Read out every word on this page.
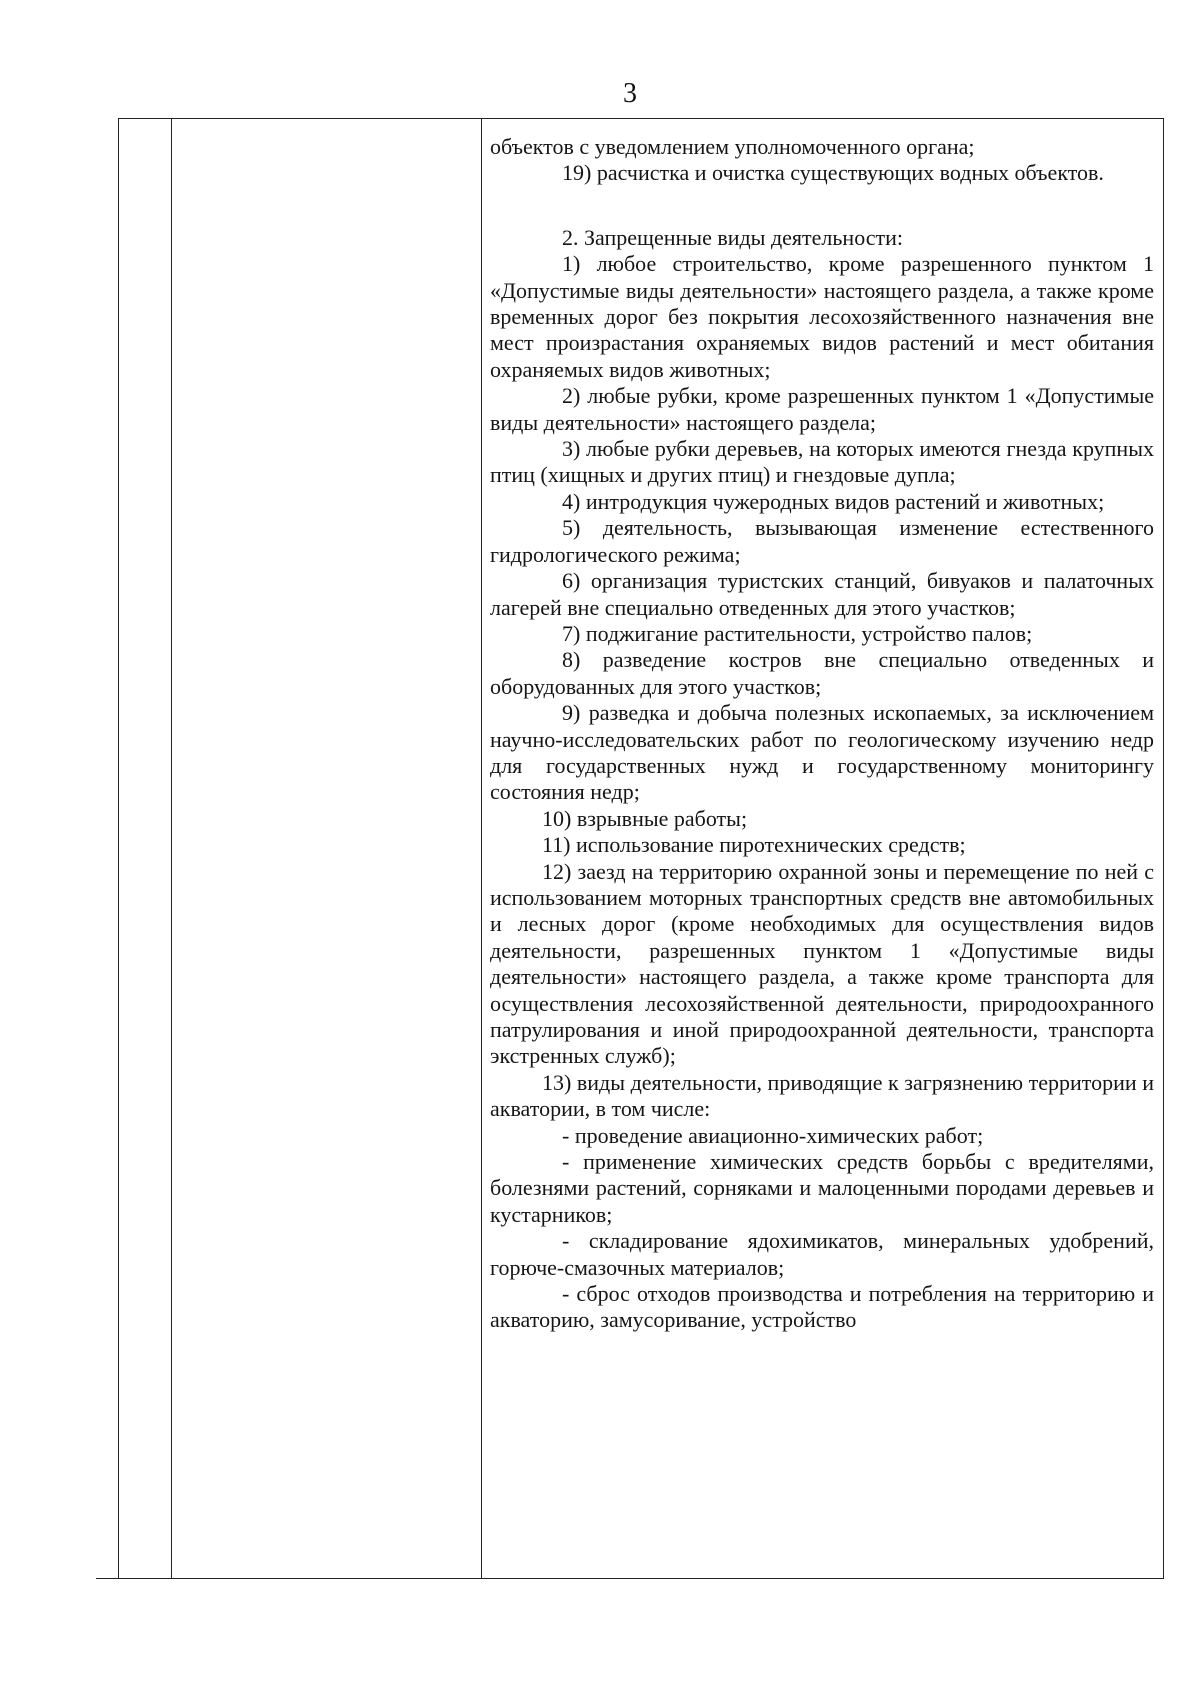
3

объектов с уведомлением уполномоченного органа;

19) расчистка и очистка существующих водных объектов.

2. Запрещенные виды деятельности:

1) любое строительство, кроме разрешенного пунктом 1 «Допустимые виды деятельности» настоящего раздела, а также кроме временных дорог без покрытия лесохозяйственного назначения вне мест произрастания охраняемых видов растений и мест обитания охраняемых видов животных;

2) любые рубки, кроме разрешенных пунктом 1 «Допустимые виды деятельности» настоящего раздела;

3) любые рубки деревьев, на которых имеются гнезда крупных птиц (хищных и других птиц) и гнездовые дупла;

4) интродукция чужеродных видов растений и животных;

5) деятельность, вызывающая изменение естественного гидрологического режима;

6) организация туристских станций, бивуаков и палаточных лагерей вне специально отведенных для этого участков;

7) поджигание растительности, устройство палов;

8) разведение костров вне специально отведенных и оборудованных для этого участков;

9) разведка и добыча полезных ископаемых, за исключением научно-исследовательских работ по геологическому изучению недр для государственных нужд и государственному мониторингу состояния недр;

10) взрывные работы;

11) использование пиротехнических средств;

12) заезд на территорию охранной зоны и перемещение по ней с использованием моторных транспортных средств вне автомобильных и лесных дорог (кроме необходимых для осуществления видов деятельности, разрешенных пунктом 1 «Допустимые виды деятельности» настоящего раздела, а также кроме транспорта для осуществления лесохозяйственной деятельности, природоохранного патрулирования и иной природоохранной деятельности, транспорта экстренных служб);

13) виды деятельности, приводящие к загрязнению территории и акватории, в том числе:

- проведение авиационно-химических работ;

- применение химических средств борьбы с вредителями, болезнями растений, сорняками и малоценными породами деревьев и кустарников;

- складирование ядохимикатов, минеральных удобрений, горюче-смазочных материалов;

- сброс отходов производства и потребления на территорию и акваторию, замусоривание, устройство
